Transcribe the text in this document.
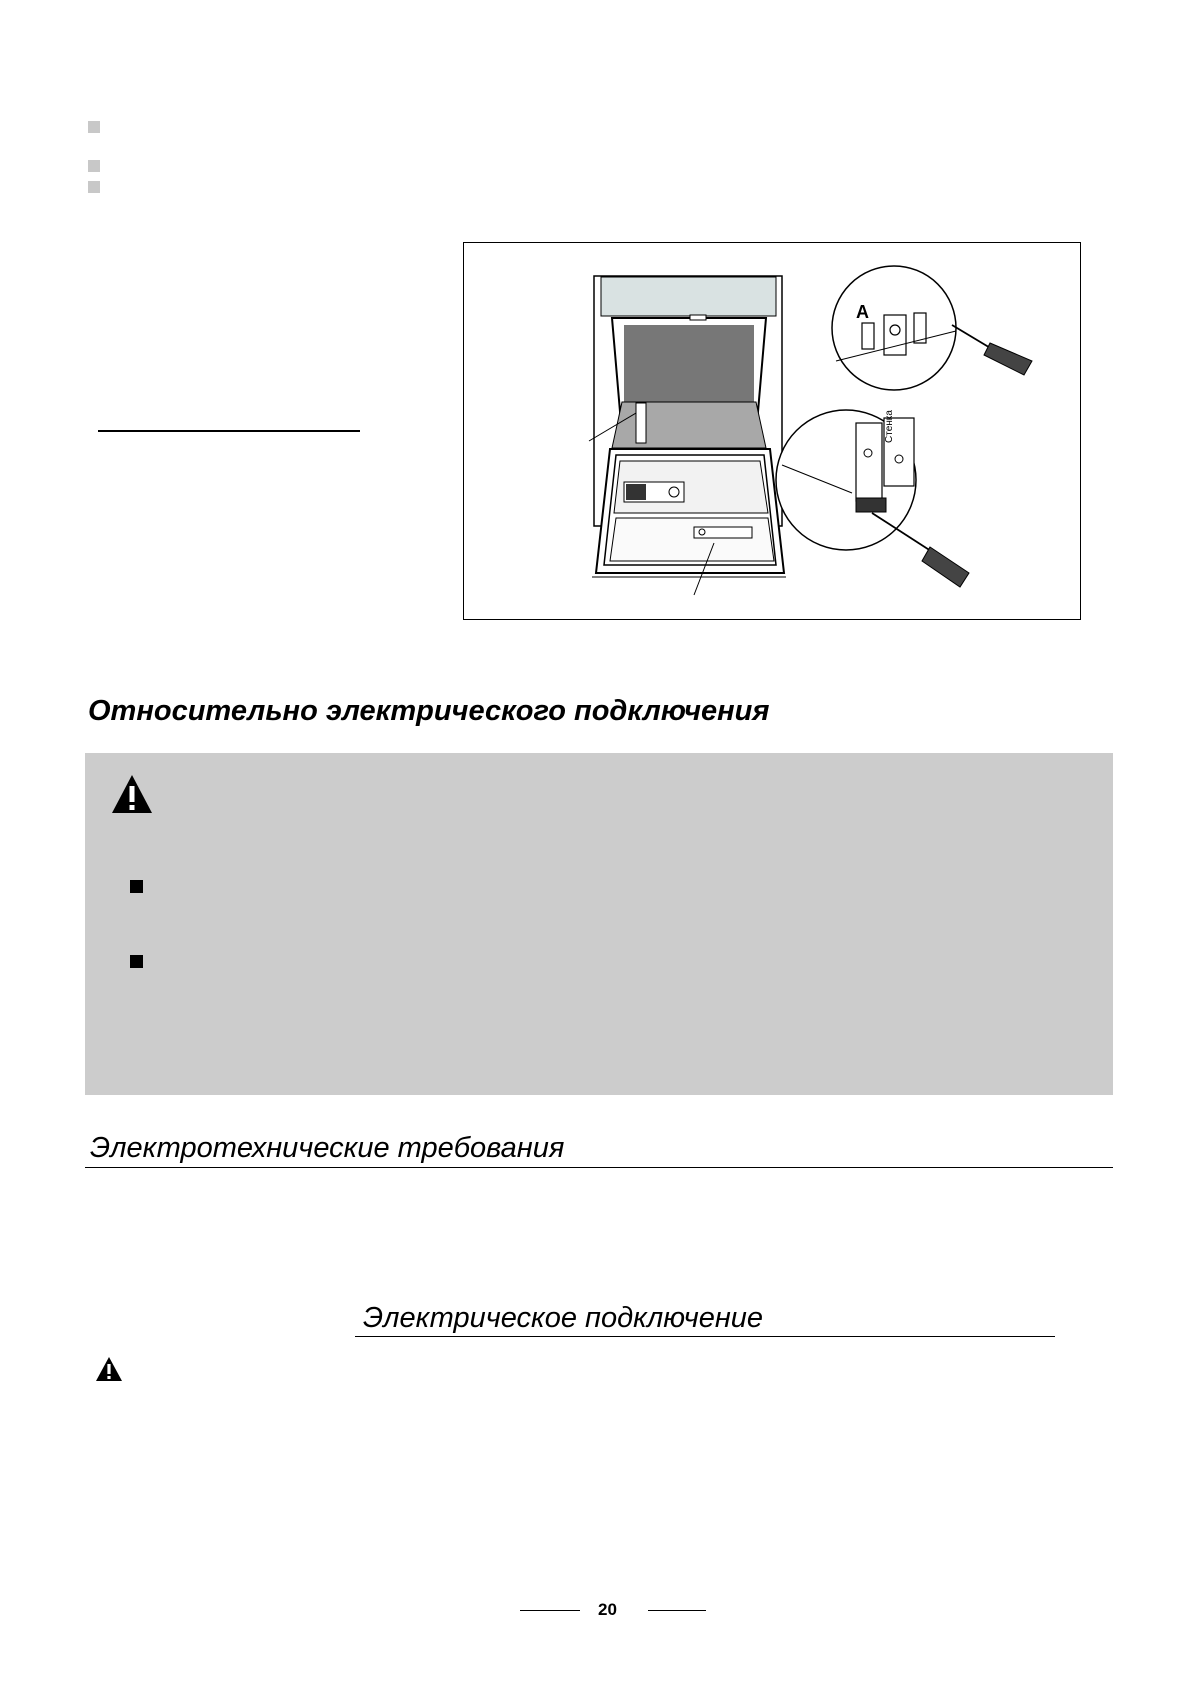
A
Стенка
Относительно электрического подключения
Электротехнические требования
Электрическое подключение
20
